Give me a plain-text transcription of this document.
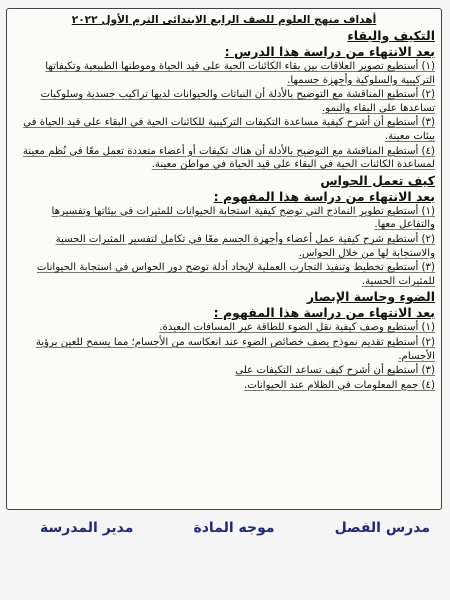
أهداف منهج العلوم للصف الرابع الابتدائى الترم الأول ٢٠٢٢
التكيف والبقاء
بعد الانتهاء من دراسة هذا الدرس :
(١) أستطيع تصوير العلاقات بين بقاء الكائنات الحية على قيد الحياة وموطنها الطبيعية وتكيفاتها التركيبية والسلوكية وأجهزة جسمها.
(٢) أستطيع المناقشة مع التوضيح بالأدلة أن النباتات والحيوانات لديها تراكيب جسدية وسلوكيات تساعدها على البقاء والنمو.
(٣) أستطيع أن أشرح كيفية مساعدة التكيفات التركيبية للكائنات الحية في البقاء على قيد الحياة في بيئات معينة.
(٤) أستطيع المناقشة مع التوضيح بالأدلة أن هناك تكيفات أو أعضاء متعددة تعمل معًا في نُظم معينة لمساعدة الكائنات الحية في البقاء على قيد الحياة في مواطن معينة.
كيف تعمل الحواس
بعد الانتهاء من دراسة هذا المفهوم :
(١) أستطيع تطوير النماذج التي توضح كيفية استجابة الحيوانات للمثيرات في بيئاتها وتفسيرها والتفاعل معها.
(٢) أستطيع شرح كيفية عمل أعضاء وأجهزة الجسم معًا في تكامل لتفسير المثيرات الحسية والاستجابة لها من خلال الحواس.
(٣) أستطيع تخطيط وتنفيذ التجارب العملية لإيجاد أدلة توضح دور الحواس في استجابة الحيوانات للمثيرات الحسية.
الضوء وحاسة الإبصار
بعد الانتهاء من دراسة هذا المفهوم :
(١) أستطيع وصف كيفية نقل الضوء للطاقة عبر المسافات البعيدة.
(٢) أستطيع تقديم نموذج يصف خصائص الضوء عند انعكاسه من الأجسام؛ مما يسمح للعين برؤية الأجسام.
(٣) أستطيع أن أشرح كيف تساعد التكيفات على
(٤) جمع المعلومات في الظلام عند الحيوانات.
مدرس الفصل
موجه المادة
مدير المدرسة
